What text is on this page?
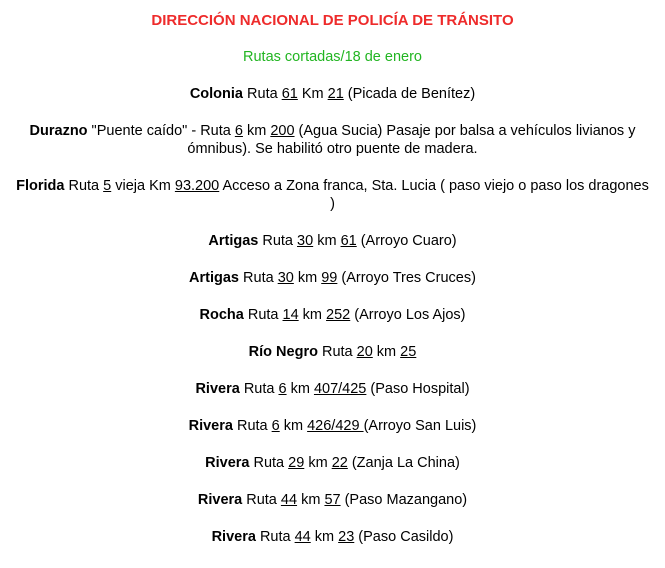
DIRECCIÓN NACIONAL DE POLICÍA DE TRÁNSITO

Rutas cortadas/18 de enero

Colonia Ruta 61 Km 21 (Picada de Benítez)

Durazno "Puente caído" - Ruta 6 km 200 (Agua Sucia) Pasaje por balsa a vehículos livianos y ómnibus). Se habilitó otro puente de madera.

Florida Ruta 5 vieja Km 93.200 Acceso a Zona franca, Sta. Lucia ( paso viejo o paso los dragones )

Artigas Ruta 30 km 61 (Arroyo Cuaro)

Artigas Ruta 30 km 99 (Arroyo Tres Cruces)

Rocha Ruta 14 km 252 (Arroyo Los Ajos)

Río Negro Ruta 20 km 25

Rivera Ruta 6 km 407/425 (Paso Hospital)

Rivera Ruta 6 km 426/429 (Arroyo San Luis)

Rivera Ruta 29 km 22 (Zanja La China)

Rivera Ruta 44 km 57 (Paso Mazangano)

Rivera Ruta 44 km 23 (Paso Casildo)
